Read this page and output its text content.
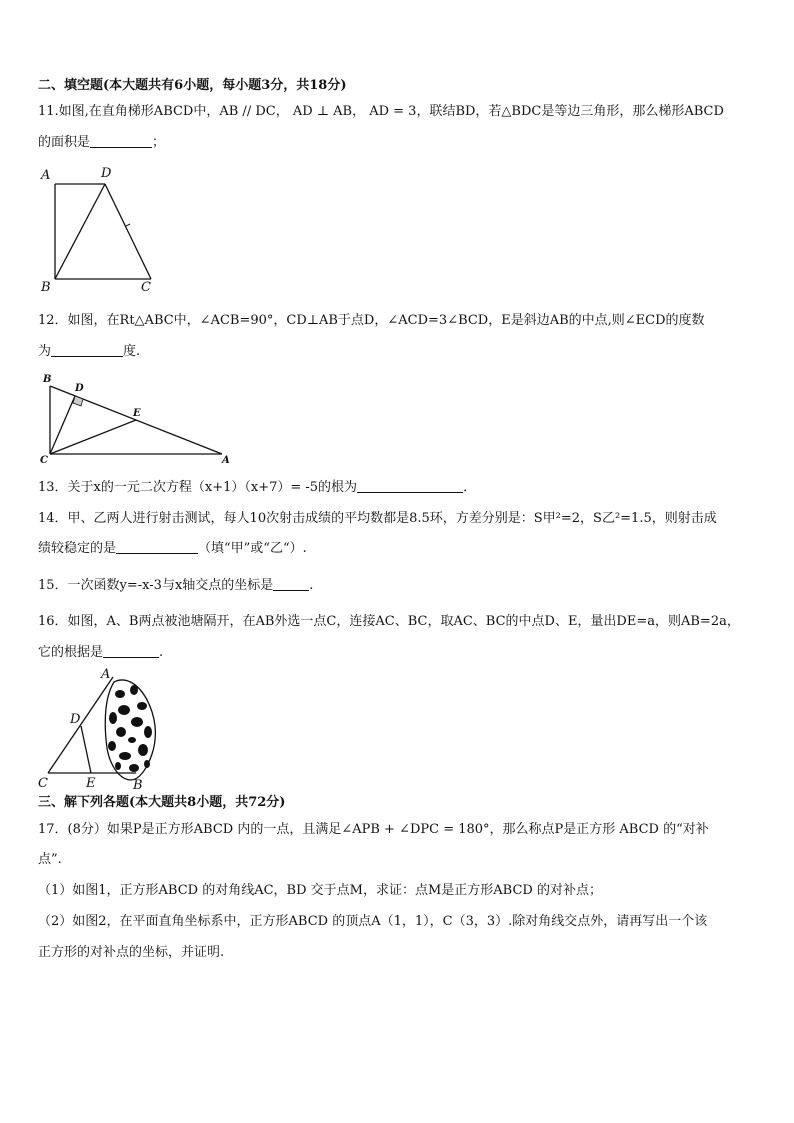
二、填空题(本大题共有6小题，每小题3分，共18分)
11.如图,在直角梯形ABCD中，AB // DC， AD ⊥ AB， AD = 3，联结BD，若△BDC是等边三角形，那么梯形ABCD
的面积是	；
A	D
B	C
12．如图，在Rt△ABC中，∠ACB=90°，CD⊥AB于点D，∠ACD=3∠BCD，E是斜边AB的中点,则∠ECD的度数
为	度.
B
D
E
C	A
13．关于x的一元二次方程（x+1）（x+7）= -5的根为	．
14．甲、乙两人进行射击测试，每人10次射击成绩的平均数都是8.5环，方差分别是：S甲²=2，S乙²=1.5，则射击成
绩较稳定的是	（填“甲”或“乙“）.
15．一次函数y=-x-3与x轴交点的坐标是	.
16．如图，A、B两点被池塘隔开，在AB外选一点C，连接AC、BC，取AC、BC的中点D、E，量出DE=a，则AB=2a，
它的根据是	.
A
D
C	E	B
三、解下列各题(本大题共8小题，共72分)
17．(8分）如果P是正方形ABCD 内的一点，且满足∠APB + ∠DPC = 180°，那么称点P是正方形 ABCD 的“对补
点”.
（1）如图1，正方形ABCD 的对角线AC，BD 交于点M，求证：点M是正方形ABCD 的对补点；
（2）如图2，在平面直角坐标系中，正方形ABCD 的顶点A（1，1），C（3，3）.除对角线交点外，请再写出一个该
正方形的对补点的坐标，并证明.
